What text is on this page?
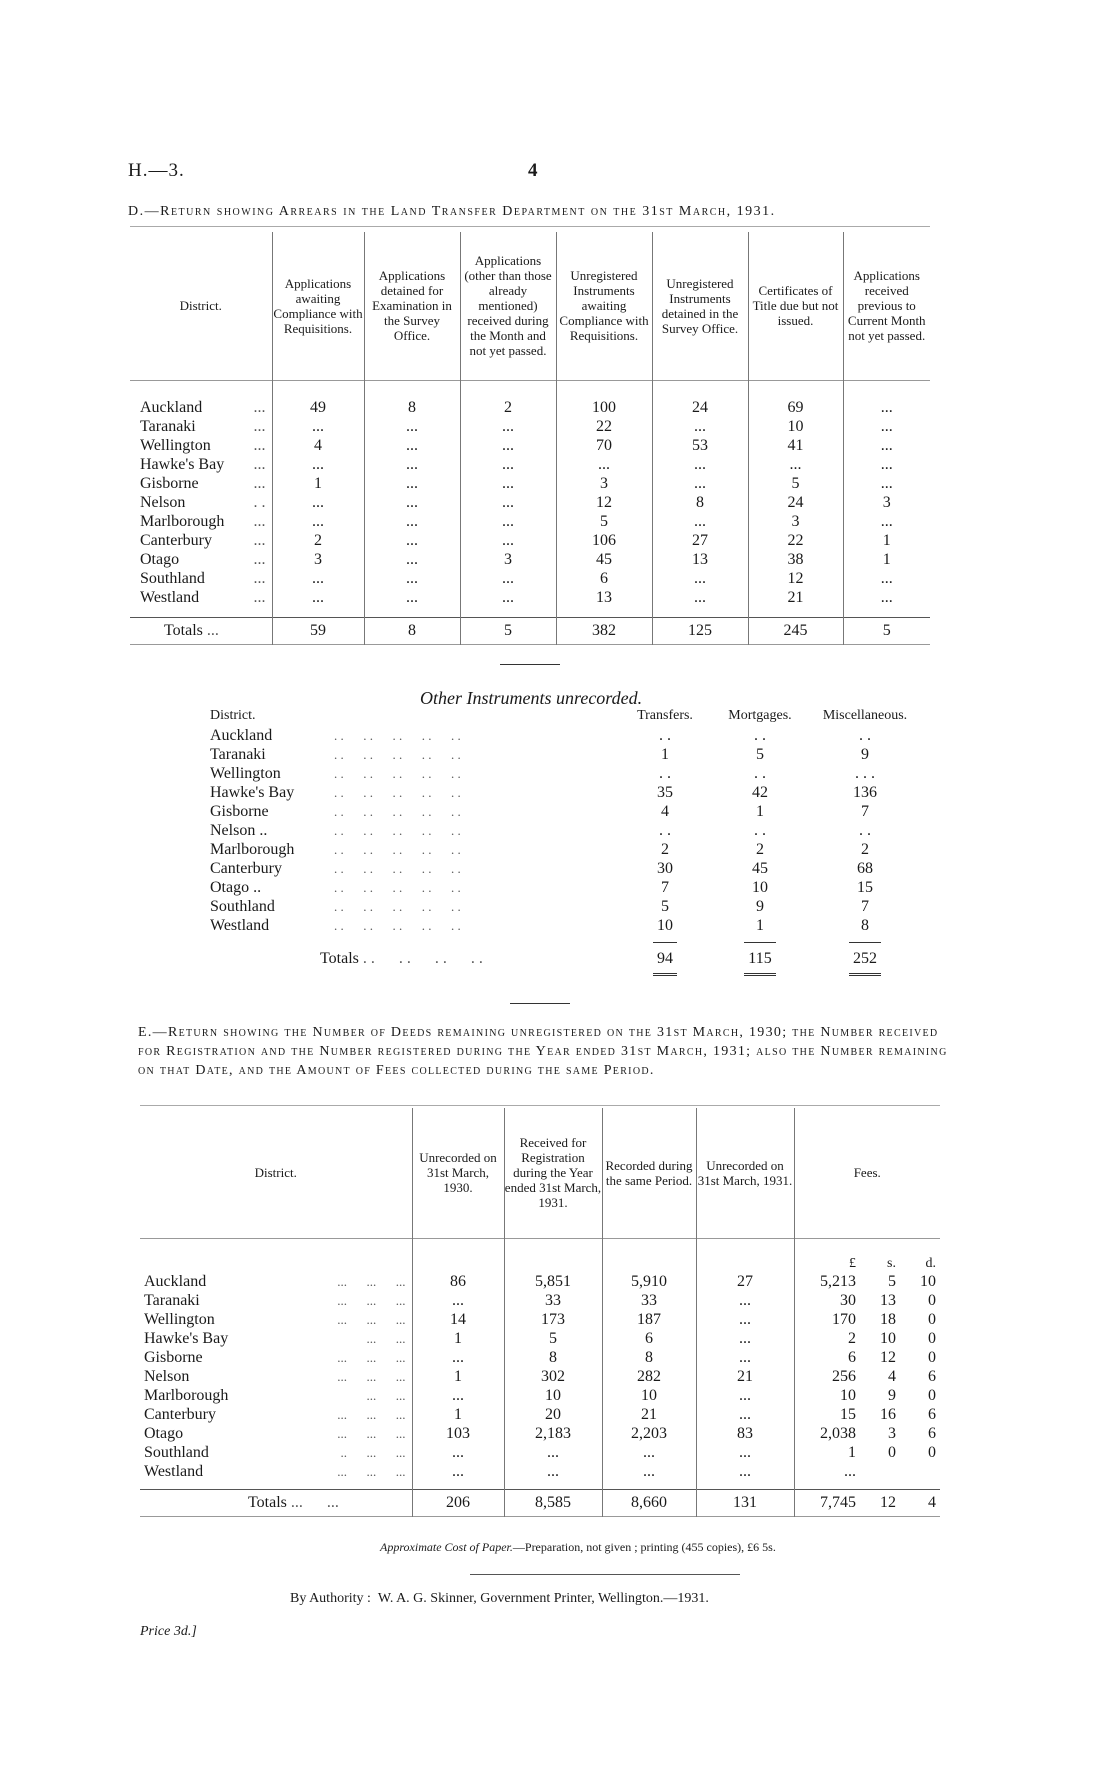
H.—3.	4
D.—Return showing Arrears in the Land Transfer Department on the 31st March, 1931.
District.	Applications awaiting Compliance with Requisitions.	Applications detained for Examination in the Survey Office.	Applications (other than those already mentioned) received during the Month and not yet passed.	Unregistered Instruments awaiting Compliance with Requisitions.	Unregistered Instruments detained in the Survey Office.	Certificates of Title due but not issued.	Applications received previous to Current Month not yet passed.

Auckland ...	49	8	2	100	24	69	...
Taranaki ...	...	...	...	22	...	10	...
Wellington ...	4	...	...	70	53	41	...
Hawke's Bay ...	...	...	...	...	...	...	...
Gisborne ...	1	...	...	3	...	5	...
Nelson . .	...	...	...	12	8	24	3
Marlborough ...	...	...	...	5	...	3	...
Canterbury ...	2	...	...	106	27	22	1
Otago ...	3	...	3	45	13	38	1
Southland ...	...	...	...	6	...	12	...
Westland ...	...	...	...	13	...	21	...

Totals ...	59	8	5	382	125	245	5
Other Instruments unrecorded.
District.		Transfers.	Mortgages.	Miscellaneous.
Auckland	. .      . .      . .      . .      . .	. .	. .	. .
Taranaki	. .      . .      . .      . .      . .	1	5	9
Wellington	. .      . .      . .      . .      . .	. .	. .	. . .
Hawke's Bay	. .      . .      . .      . .      . .	35	42	136
Gisborne	. .      . .      . .      . .      . .	4	1	7
Nelson ..	. .      . .      . .      . .      . .	. .	. .	. .
Marlborough	. .      . .      . .      . .      . .	2	2	2
Canterbury	. .      . .      . .      . .      . .	30	45	68
Otago ..	. .      . .      . .      . .      . .	7	10	15
Southland	. .      . .      . .      . .      . .	5	9	7
Westland	. .      . .      . .      . .      . .	10	1	8

	Totals . .      . .      . .      . .	94	115	252

E.—Return showing the Number of Deeds remaining unregistered on the 31st March, 1930; the Number received for Registration and the Number registered during the Year ended 31st March, 1931; also the Number remaining on that Date, and the Amount of Fees collected during the same Period.
District.	Unrecorded on 31st March, 1930.	Received for Registration during the Year ended 31st March, 1931.	Recorded during the same Period.	Unrecorded on 31st March, 1931.	Fees.		
					£	s.	d.
Auckland ...      ...      ...	86	5,851	5,910	27	5,213	5	10
Taranaki ...      ...      ...	...	33	33	...	30	13	0
Wellington ...      ...      ...	14	173	187	...	170	18	0
Hawke's Bay ...      ...	1	5	6	...	2	10	0
Gisborne ...      ...      ...	...	8	8	...	6	12	0
Nelson ...      ...      ...	1	302	282	21	256	4	6
Marlborough ...      ...	...	10	10	...	10	9	0
Canterbury ...      ...      ...	1	20	21	...	15	16	6
Otago ...      ...      ...	103	2,183	2,203	83	2,038	3	6
Southland ..      ...      ...	...	...	...	...	1	0	0
Westland ...      ...      ...	...	...	...	...	...		

Totals ...      ...	206	8,585	8,660	131	7,745	12	4
Approximate Cost of Paper.—Preparation, not given ; printing (455 copies), £6 5s.
By Authority : W. A. G. Skinner, Government Printer, Wellington.—1931.
Price 3d.]
